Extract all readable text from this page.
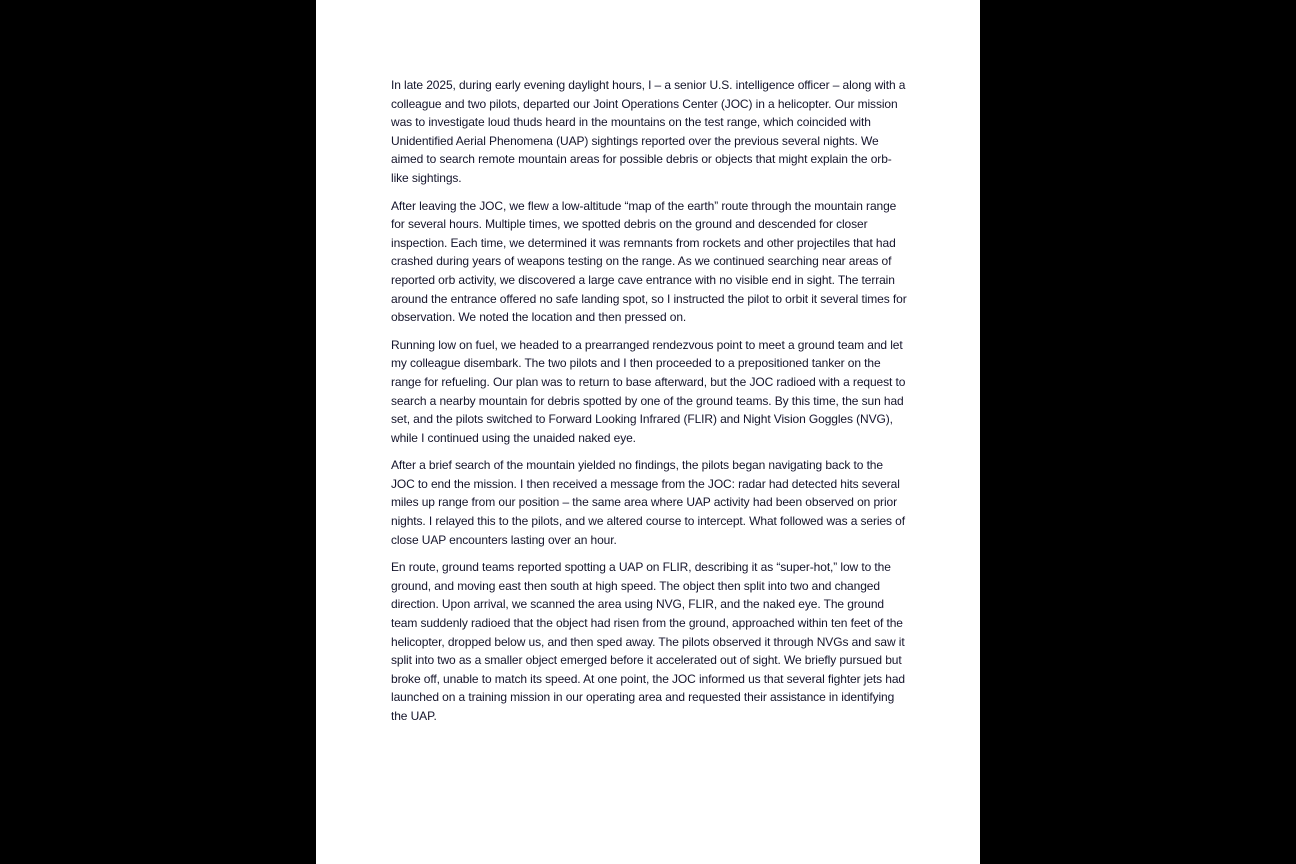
In late 2025, during early evening daylight hours, I – a senior U.S. intelligence officer – along with a colleague and two pilots, departed our Joint Operations Center (JOC) in a helicopter. Our mission was to investigate loud thuds heard in the mountains on the test range, which coincided with Unidentified Aerial Phenomena (UAP) sightings reported over the previous several nights. We aimed to search remote mountain areas for possible debris or objects that might explain the orb-like sightings.

After leaving the JOC, we flew a low-altitude “map of the earth” route through the mountain range for several hours. Multiple times, we spotted debris on the ground and descended for closer inspection. Each time, we determined it was remnants from rockets and other projectiles that had crashed during years of weapons testing on the range. As we continued searching near areas of reported orb activity, we discovered a large cave entrance with no visible end in sight. The terrain around the entrance offered no safe landing spot, so I instructed the pilot to orbit it several times for observation. We noted the location and then pressed on.

Running low on fuel, we headed to a prearranged rendezvous point to meet a ground team and let my colleague disembark. The two pilots and I then proceeded to a prepositioned tanker on the range for refueling. Our plan was to return to base afterward, but the JOC radioed with a request to search a nearby mountain for debris spotted by one of the ground teams. By this time, the sun had set, and the pilots switched to Forward Looking Infrared (FLIR) and Night Vision Goggles (NVG), while I continued using the unaided naked eye.

After a brief search of the mountain yielded no findings, the pilots began navigating back to the JOC to end the mission. I then received a message from the JOC: radar had detected hits several miles up range from our position – the same area where UAP activity had been observed on prior nights. I relayed this to the pilots, and we altered course to intercept. What followed was a series of close UAP encounters lasting over an hour.

En route, ground teams reported spotting a UAP on FLIR, describing it as “super-hot,” low to the ground, and moving east then south at high speed. The object then split into two and changed direction. Upon arrival, we scanned the area using NVG, FLIR, and the naked eye. The ground team suddenly radioed that the object had risen from the ground, approached within ten feet of the helicopter, dropped below us, and then sped away. The pilots observed it through NVGs and saw it split into two as a smaller object emerged before it accelerated out of sight. We briefly pursued but broke off, unable to match its speed. At one point, the JOC informed us that several fighter jets had launched on a training mission in our operating area and requested their assistance in identifying the UAP.
